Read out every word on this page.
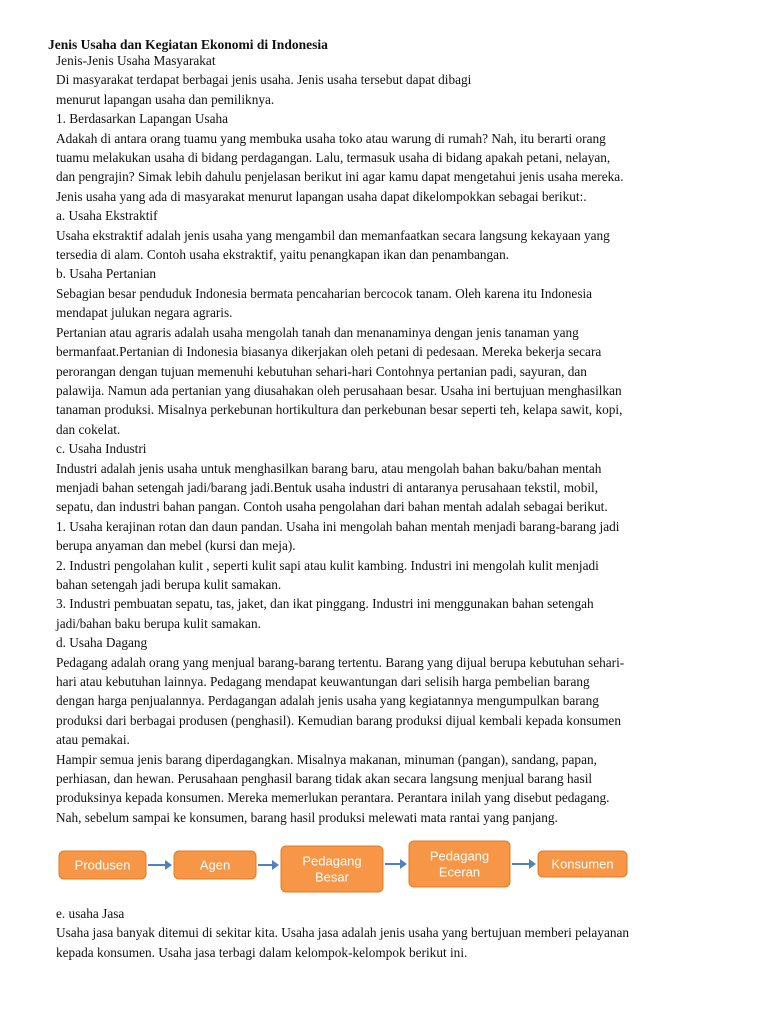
Jenis Usaha dan Kegiatan Ekonomi di Indonesia
Jenis-Jenis Usaha Masyarakat
Di masyarakat terdapat berbagai jenis usaha. Jenis usaha tersebut dapat dibagi
menurut lapangan usaha dan pemiliknya.
1. Berdasarkan Lapangan Usaha
Adakah di antara orang tuamu yang membuka usaha toko atau warung di rumah? Nah, itu berarti orang
tuamu melakukan usaha di bidang perdagangan. Lalu, termasuk usaha di bidang apakah petani, nelayan,
dan pengrajin? Simak lebih dahulu penjelasan berikut ini agar kamu dapat mengetahui jenis usaha mereka.
Jenis usaha yang ada di masyarakat menurut lapangan usaha dapat dikelompokkan sebagai berikut:.
a. Usaha Ekstraktif
Usaha ekstraktif adalah jenis usaha yang mengambil dan memanfaatkan secara langsung kekayaan yang
tersedia di alam. Contoh usaha ekstraktif, yaitu penangkapan ikan dan penambangan.
b. Usaha Pertanian
Sebagian besar penduduk Indonesia bermata pencaharian bercocok tanam. Oleh karena itu Indonesia
mendapat julukan negara agraris.
Pertanian atau agraris adalah usaha mengolah tanah dan menanaminya dengan jenis tanaman yang
bermanfaat.Pertanian di Indonesia biasanya dikerjakan oleh petani di pedesaan. Mereka bekerja secara
perorangan dengan tujuan memenuhi kebutuhan sehari-hari Contohnya pertanian padi, sayuran, dan
palawija. Namun ada pertanian yang diusahakan oleh perusahaan besar. Usaha ini bertujuan menghasilkan
tanaman produksi. Misalnya perkebunan hortikultura dan perkebunan besar seperti teh, kelapa sawit, kopi,
dan cokelat.
c. Usaha Industri
Industri adalah jenis usaha untuk menghasilkan barang baru, atau mengolah bahan baku/bahan mentah
menjadi bahan setengah jadi/barang jadi.Bentuk usaha industri di antaranya perusahaan tekstil, mobil,
sepatu, dan industri bahan pangan. Contoh usaha pengolahan dari bahan mentah adalah sebagai berikut.
1. Usaha kerajinan rotan dan daun pandan. Usaha ini mengolah bahan mentah menjadi barang-barang jadi
berupa anyaman dan mebel (kursi dan meja).
2. Industri pengolahan kulit , seperti kulit sapi atau kulit kambing. Industri ini mengolah kulit menjadi
bahan setengah jadi berupa kulit samakan.
3. Industri pembuatan sepatu, tas, jaket, dan ikat pinggang. Industri ini menggunakan bahan setengah
jadi/bahan baku berupa kulit samakan.
d. Usaha Dagang
Pedagang adalah orang yang menjual barang-barang tertentu. Barang yang dijual berupa kebutuhan sehari-
hari atau kebutuhan lainnya. Pedagang mendapat keuwantungan dari selisih harga pembelian barang
dengan harga penjualannya. Perdagangan adalah jenis usaha yang kegiatannya mengumpulkan barang
produksi dari berbagai produsen (penghasil). Kemudian barang produksi dijual kembali kepada konsumen
atau pemakai.
Hampir semua jenis barang diperdagangkan. Misalnya makanan, minuman (pangan), sandang, papan,
perhiasan, dan hewan. Perusahaan penghasil barang tidak akan secara langsung menjual barang hasil
produksinya kepada konsumen. Mereka memerlukan perantara. Perantara inilah yang disebut pedagang.
Nah, sebelum sampai ke konsumen, barang hasil produksi melewati mata rantai yang panjang.
Produsen	Agen	Pedagang
Besar
Pedagang
Eceran
Konsumen
e. usaha Jasa
Usaha jasa banyak ditemui di sekitar kita. Usaha jasa adalah jenis usaha yang bertujuan memberi pelayanan
kepada konsumen. Usaha jasa terbagi dalam kelompok-kelompok berikut ini.
